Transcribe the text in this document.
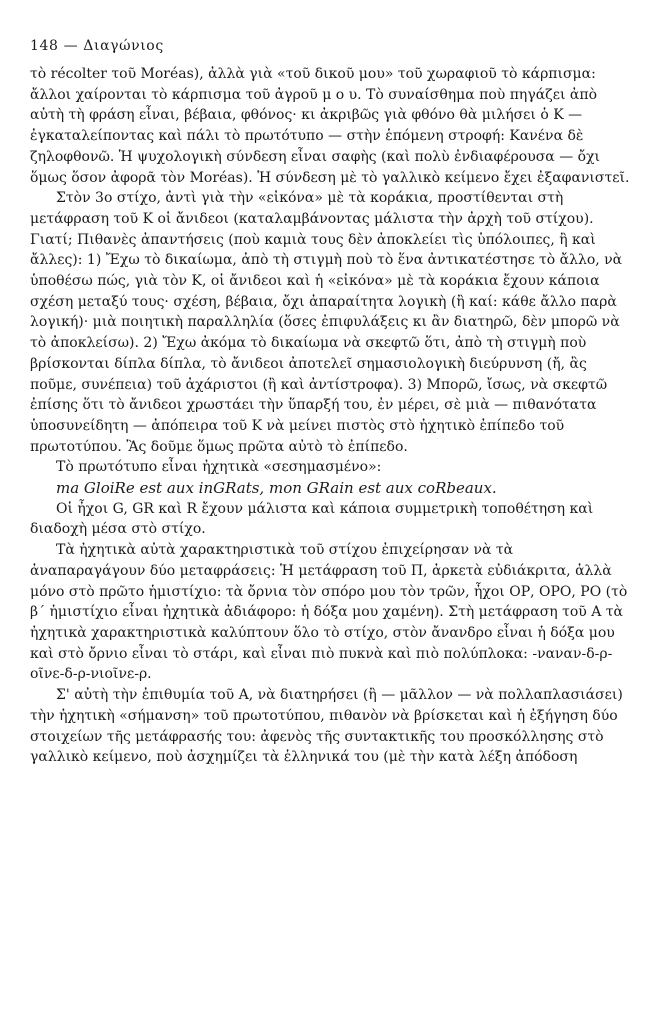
148 — Διαγώνιος

τὸ récolter τοῦ Moréas), ἀλλὰ γιὰ «τοῦ δικοῦ μου» τοῦ χωραφιοῦ τὸ κάρπισμα: ἄλλοι χαίρονται τὸ κάρπισμα τοῦ ἀγροῦ μ ο υ. Τὸ συναίσθημα ποὺ πηγάζει ἀπὸ αὐτὴ τὴ φράση εἶναι, βέβαια, φθόνος· κι ἀκριβῶς γιὰ φθόνο θὰ μιλήσει ὁ Κ — ἐγκαταλείποντας καὶ πάλι τὸ πρωτότυπο — στὴν ἑπόμενη στροφή: Κανένα δὲ ζηλοφθονῶ. Ἡ ψυχολογικὴ σύνδεση εἶναι σαφὴς (καὶ πολὺ ἐνδιαφέρουσα — ὄχι ὅμως ὅσον ἀφορᾶ τὸν Moréas). Ἡ σύνδεση μὲ τὸ γαλλικὸ κείμενο ἔχει ἐξαφανιστεῖ.

Στὸν 3ο στίχο, ἀντὶ γιὰ τὴν «εἰκόνα» μὲ τὰ κοράκια, προστίθενται στὴ μετάφραση τοῦ Κ οἱ ἄνιδεοι (καταλαμβάνοντας μάλιστα τὴν ἀρχὴ τοῦ στίχου). Γιατί; Πιθανὲς ἀπαντήσεις (ποὺ καμιὰ τους δὲν ἀποκλείει τὶς ὑπόλοιπες, ἢ καὶ ἄλλες): 1) Ἔχω τὸ δικαίωμα, ἀπὸ τὴ στιγμὴ ποὺ τὸ ἕνα ἀντικατέστησε τὸ ἄλλο, νὰ ὑποθέσω πώς, γιὰ τὸν Κ, οἱ ἄνιδεοι καὶ ἡ «εἰκόνα» μὲ τὰ κοράκια ἔχουν κάποια σχέση μεταξύ τους· σχέση, βέβαια, ὄχι ἀπαραίτητα λογικὴ (ἢ καί: κάθε ἄλλο παρὰ λογική)· μιὰ ποιητικὴ παραλληλία (ὅσες ἐπιφυλάξεις κι ἂν διατηρῶ, δὲν μπορῶ νὰ τὸ ἀποκλείσω). 2) Ἔχω ἀκόμα τὸ δικαίωμα νὰ σκεφτῶ ὅτι, ἀπὸ τὴ στιγμὴ ποὺ βρίσκονται δίπλα δίπλα, τὸ ἄνιδεοι ἀποτελεῖ σημασιολογικὴ διεύρυνση (ἤ, ἂς ποῦμε, συνέπεια) τοῦ ἀχάριστοι (ἢ καὶ ἀντίστροφα). 3) Μπορῶ, ἴσως, νὰ σκεφτῶ ἐπίσης ὅτι τὸ ἄνιδεοι χρωστάει τὴν ὕπαρξή του, ἐν μέρει, σὲ μιὰ — πιθανότατα ὑποσυνείδητη — ἀπόπειρα τοῦ Κ νὰ μείνει πιστὸς στὸ ἠχητικὸ ἐπίπεδο τοῦ πρωτοτύπου. Ἂς δοῦμε ὅμως πρῶτα αὐτὸ τὸ ἐπίπεδο.

Τὸ πρωτότυπο εἶναι ἠχητικὰ «σεσημασμένο»:

ma GloiRe est aux inGRats, mon GRain est aux coRbeaux.

Οἱ ἦχοι G, GR καὶ R ἔχουν μάλιστα καὶ κάποια συμμετρικὴ τοποθέτηση καὶ διαδοχὴ μέσα στὸ στίχο.

Τὰ ἠχητικὰ αὐτὰ χαρακτηριστικὰ τοῦ στίχου ἐπιχείρησαν νὰ τὰ ἀναπαραγάγουν δύο μεταφράσεις: Ἡ μετάφραση τοῦ Π, ἀρκετὰ εὐδιάκριτα, ἀλλὰ μόνο στὸ πρῶτο ἡμιστίχιο: τὰ ὄρνια τὸν σπόρο μου τὸν τρῶν, ἦχοι ΟΡ, ΟΡΟ, ΡΟ (τὸ β΄ ἡμιστίχιο εἶναι ἠχητικὰ ἀδιάφορο: ἡ δόξα μου χαμένη). Στὴ μετάφραση τοῦ Α τὰ ἠχητικὰ χαρακτηριστικὰ καλύπτουν ὅλο τὸ στίχο, στὸν ἄνανδρο εἶναι ἡ δόξα μου καὶ στὸ ὄρνιο εἶναι τὸ στάρι, καὶ εἶναι πιὸ πυκνὰ καὶ πιὸ πολύπλοκα: -ναναν-δ-ρ-οῖνε-δ-ρ-νιοῖνε-ρ.

Σ' αὐτὴ τὴν ἐπιθυμία τοῦ Α, νὰ διατηρήσει (ἢ — μᾶλλον — νὰ πολλαπλασιάσει) τὴν ἠχητικὴ «σήμανση» τοῦ πρωτοτύπου, πιθανὸν νὰ βρίσκεται καὶ ἡ ἐξήγηση δύο στοιχείων τῆς μετάφρασής του: ἀφενὸς τῆς συντακτικῆς του προσκόλλησης στὸ γαλλικὸ κείμενο, ποὺ ἀσχημίζει τὰ ἑλληνικά του (μὲ τὴν κατὰ λέξη ἀπόδοση
